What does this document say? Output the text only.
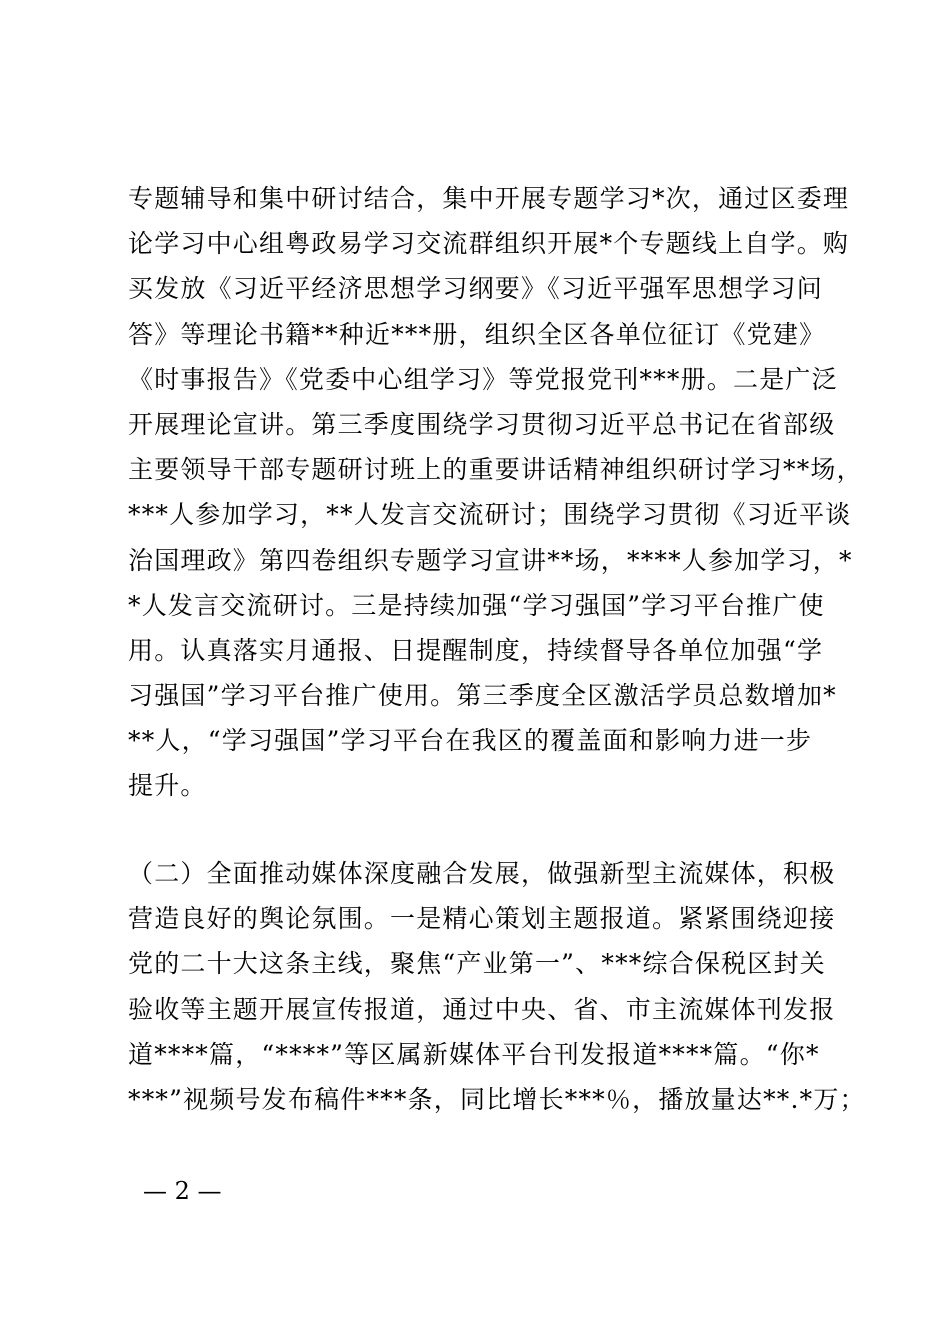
专题辅导和集中研讨结合，集中开展专题学习*次，通过区委理
论学习中心组粤政易学习交流群组织开展*个专题线上自学。购
买发放《习近平经济思想学习纲要》《习近平强军思想学习问
答》等理论书籍**种近***册，组织全区各单位征订《党建》
《时事报告》《党委中心组学习》等党报党刊***册。二是广泛
开展理论宣讲。第三季度围绕学习贯彻习近平总书记在省部级
主要领导干部专题研讨班上的重要讲话精神组织研讨学习**场，
***人参加学习，**人发言交流研讨；围绕学习贯彻《习近平谈
治国理政》第四卷组织专题学习宣讲**场，****人参加学习，*
*人发言交流研讨。三是持续加强“学习强国”学习平台推广使
用。认真落实月通报、日提醒制度，持续督导各单位加强“学
习强国”学习平台推广使用。第三季度全区激活学员总数增加*
**人，“学习强国”学习平台在我区的覆盖面和影响力进一步
提升。
（二）全面推动媒体深度融合发展，做强新型主流媒体，积极
营造良好的舆论氛围。一是精心策划主题报道。紧紧围绕迎接
党的二十大这条主线，聚焦“产业第一”、***综合保税区封关
验收等主题开展宣传报道，通过中央、省、市主流媒体刊发报
道****篇，“****”等区属新媒体平台刊发报道****篇。“你*
***”视频号发布稿件***条，同比增长***％，播放量达**.*万；
— 2 —
